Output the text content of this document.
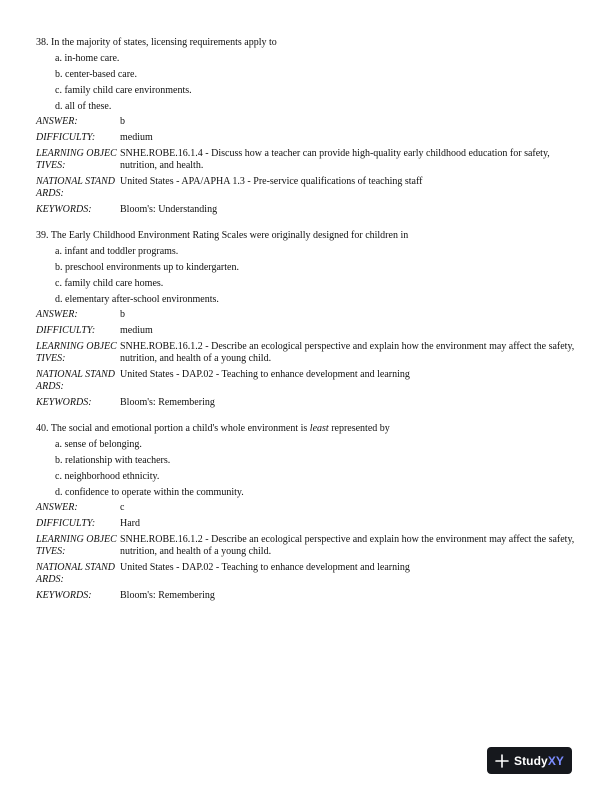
38. In the majority of states, licensing requirements apply to

a. in-home care.
b. center-based care.
c. family child care environments.
d. all of these.
ANSWER:	b
DIFFICULTY:	medium
LEARNING OBJECTIVES:
SNHE.ROBE.16.1.4 - Discuss how a teacher can provide high-quality early childhood education for safety, nutrition, and health.
NATIONAL STANDARDS:
United States - APA/APHA 1.3 - Pre-service qualifications of teaching staff
KEYWORDS:	Bloom's: Understanding

39. The Early Childhood Environment Rating Scales were originally designed for children in

a. infant and toddler programs.
b. preschool environments up to kindergarten.
c. family child care homes.
d. elementary after-school environments.
ANSWER:	b
DIFFICULTY:	medium
LEARNING OBJECTIVES:
SNHE.ROBE.16.1.2 - Describe an ecological perspective and explain how the environment may affect the safety, nutrition, and health of a young child.
NATIONAL STANDARDS:
United States - DAP.02 - Teaching to enhance development and learning
KEYWORDS:	Bloom's: Remembering

40. The social and emotional portion a child's whole environment is least represented by

a. sense of belonging.
b. relationship with teachers.
c. neighborhood ethnicity.
d. confidence to operate within the community.
ANSWER:	c
DIFFICULTY:	Hard
LEARNING OBJECTIVES:
SNHE.ROBE.16.1.2 - Describe an ecological perspective and explain how the environment may affect the safety, nutrition, and health of a young child.
NATIONAL STANDARDS:
United States - DAP.02 - Teaching to enhance development and learning
KEYWORDS:	Bloom's: Remembering
StudyXY
